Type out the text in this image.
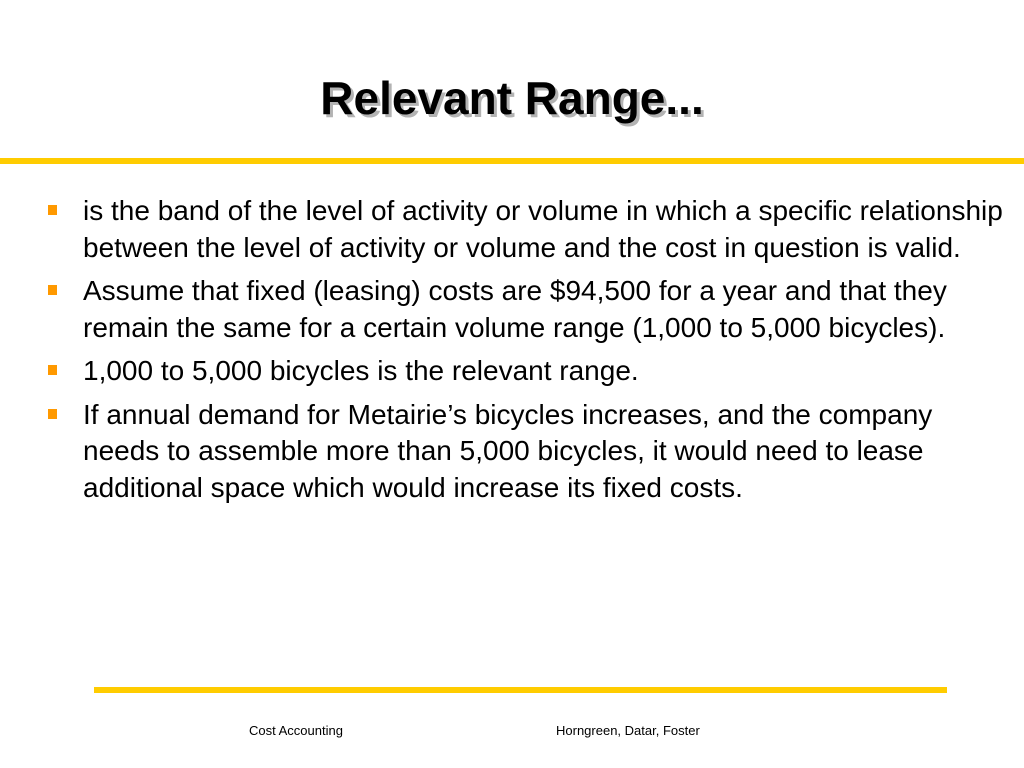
Relevant Range...
is the band of the level of activity or volume in which a specific relationship between the level of activity or volume and the cost in question is valid.
Assume that fixed (leasing) costs are $94,500 for a year and that they remain the same for a certain volume range (1,000 to 5,000 bicycles).
1,000 to 5,000 bicycles is the relevant range.
If annual demand for Metairie’s bicycles increases, and the company needs to assemble more than 5,000 bicycles, it would need to lease additional space which would increase its fixed costs.
Cost Accounting	Horngreen, Datar, Foster
